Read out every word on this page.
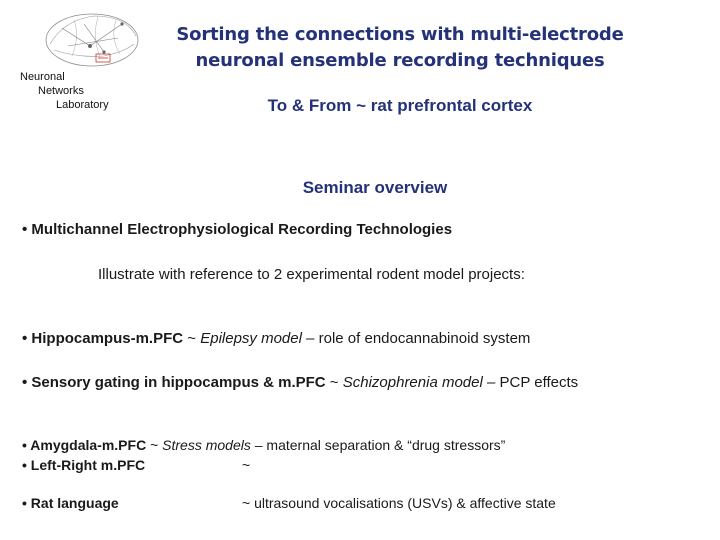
Neuronal
Networks
Laboratory
Sorting the connections with multi-electrode
neuronal ensemble recording techniques
To & From ~ rat prefrontal cortex
Seminar overview
• Multichannel Electrophysiological Recording Technologies
Illustrate with reference to 2 experimental rodent model projects:
• Hippocampus-m.PFC ~ Epilepsy model – role of endocannabinoid system
• Sensory gating in hippocampus & m.PFC ~ Schizophrenia model – PCP effects
• Amygdala-m.PFC ~ Stress models – maternal separation & “drug stressors”
• Left-Right m.PFC	~
• Rat language	~ ultrasound vocalisations (USVs) & affective state
